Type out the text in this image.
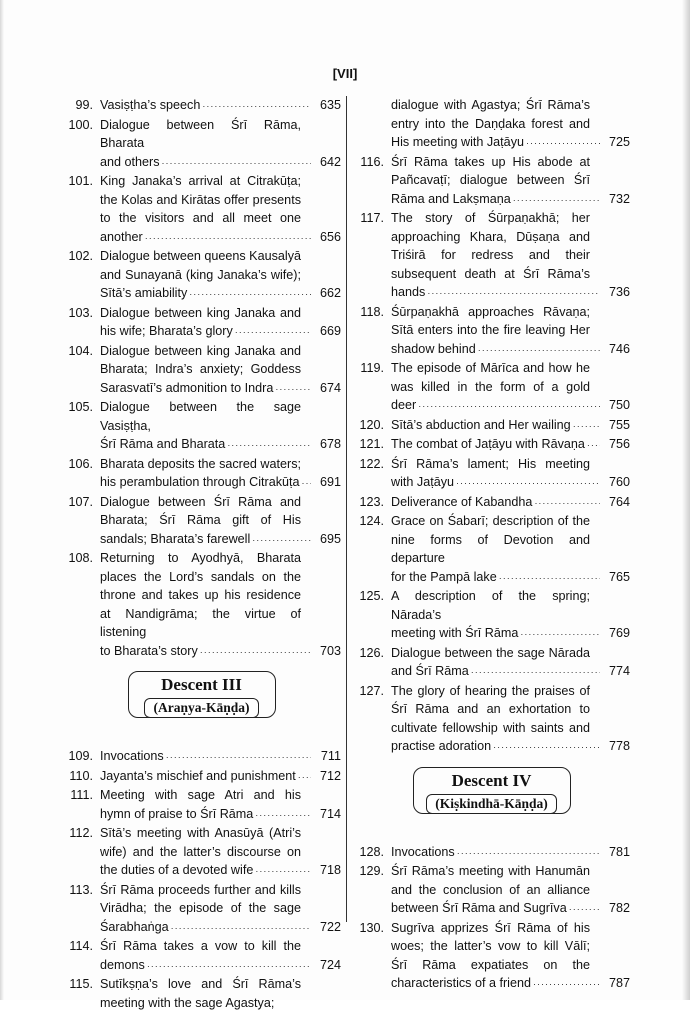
[VII]
99. Vasiṣṭha’s speech ·····	635
100. Dialogue between Śrī Rāma, Bharata
and others ·····	642
101. King Janaka’s arrival at Citrakūṭa;
the Kolas and Kirātas offer presents
to the visitors and all meet one
another ·····	656
102. Dialogue between queens Kausalyā
and Sunayanā (king Janaka’s wife);
Sītā’s amiability ·····	662
103. Dialogue between king Janaka and
his wife; Bharata’s glory ·····	669
104. Dialogue between king Janaka and
Bharata; Indra’s anxiety; Goddess
Sarasvatī’s admonition to Indra ·····	674
105. Dialogue between the sage Vasiṣṭha,
Śrī Rāma and Bharata ·····	678
106. Bharata deposits the sacred waters;
his perambulation through Citrakūṭa ·····	691
107. Dialogue between Śrī Rāma and
Bharata; Śrī Rāma gift of His
sandals; Bharata’s farewell ·····	695
108. Returning to Ayodhyā, Bharata
places the Lord’s sandals on the
throne and takes up his residence
at Nandigrāma; the virtue of listening
to Bharata’s story ·····	703
Descent III
(Araṇya-Kāṇḍa)
109. Invocations ·····	711
110. Jayanta’s mischief and punishment ·····	712
111. Meeting with sage Atri and his
hymn of praise to Śrī Rāma ·····	714
112. Sītā’s meeting with Anasūyā (Atri’s
wife) and the latter’s discourse on
the duties of a devoted wife ·····	718
113. Śrī Rāma proceeds further and kills
Virādha; the episode of the sage
Śarabhaṅga ·····	722
114. Śrī Rāma takes a vow to kill the
demons ·····	724
115. Sutīkṣṇa’s love and Śrī Rāma’s
meeting with the sage Agastya;
dialogue with Agastya; Śrī Rāma’s
entry into the Daṇḍaka forest and
His meeting with Jaṭāyu ·····	725
116. Śrī Rāma takes up His abode at
Pañcavaṭī; dialogue between Śrī
Rāma and Lakṣmaṇa ·····	732
117. The story of Śūrpaṇakhā; her
approaching Khara, Dūṣaṇa and
Triśirā for redress and their
subsequent death at Śrī Rāma’s
hands ·····	736
118. Śūrpaṇakhā approaches Rāvaṇa;
Sītā enters into the fire leaving Her
shadow behind ·····	746
119. The episode of Mārīca and how he
was killed in the form of a gold
deer ·····	750
120. Sītā’s abduction and Her wailing ·····	755
121. The combat of Jaṭāyu with Rāvaṇa ·····	756
122. Śrī Rāma’s lament; His meeting
with Jaṭāyu ·····	760
123. Deliverance of Kabandha ·····	764
124. Grace on Śabarī; description of the
nine forms of Devotion and departure
for the Pampā lake ·····	765
125. A description of the spring; Nārada’s
meeting with Śrī Rāma ·····	769
126. Dialogue between the sage Nārada
and Śrī Rāma ·····	774
127. The glory of hearing the praises of
Śrī Rāma and an exhortation to
cultivate fellowship with saints and
practise adoration ·····	778
Descent IV
(Kiṣkindhā-Kāṇḍa)
128. Invocations ·····	781
129. Śrī Rāma’s meeting with Hanumān
and the conclusion of an alliance
between Śrī Rāma and Sugrīva ·····	782
130. Sugrīva apprizes Śrī Rāma of his
woes; the latter’s vow to kill Vālī;
Śrī Rāma expatiates on the
characteristics of a friend ·····	787
